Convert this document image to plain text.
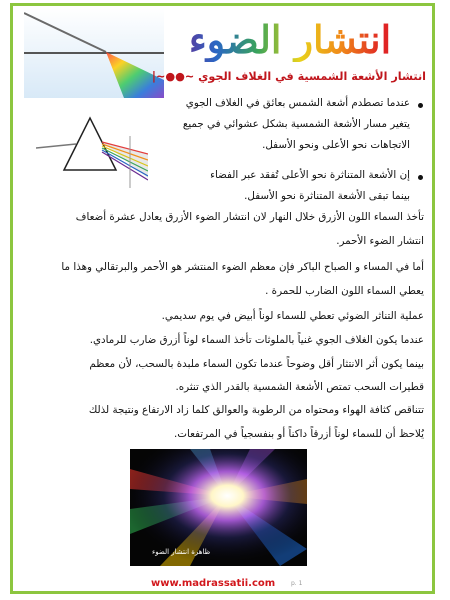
انتشار الضوء
انتشار الأشعة الشمسية في الغلاف الجوي ~●●~|
عندما تصطدم أشعة الشمس بعائق في الغلاف الجوي
يتغير مسار الأشعة الشمسية بشكل عشوائي في جميع
الاتجاهات نحو الأعلى ونحو الأسفل.
إن الأشعة المتناثرة نحو الأعلى تُفقد عبر الفضاء
بينما تبقى الأشعة المتناثرة نحو الأسفل.
تأخذ السماء اللون الأزرق خلال النهار لان انتشار الضوء الأزرق يعادل عشرة أضعاف
انتشار الضوء الأحمر.
أما في المساء و الصباح الباكر فإن معظم الضوء المنتشر هو الأحمر والبرتقالي وهذا ما
يعطي السماء اللون الضارب للحمرة .
عملية التناثر الضوئي تعطي للسماء لوناً أبيض في يوم سديمي.
عندما يكون الغلاف الجوي غنياً بالملوثات تأخذ السماء لوناً أزرق ضارب للرمادي.
بينما يكون أثر الانتثار أقل وضوحاً عندما تكون السماء ملبدة بالسحب، لأن معظم
قطيرات السحب تمتص الأشعة الشمسية بالقدر الذي تنثره.
تتناقص كثافة الهواء ومحتواه من الرطوبة والعوالق كلما زاد الارتفاع ونتيجة لذلك
يُلاحظ أن للسماء لوناً أزرقاً داكناً أو بنفسجياً في المرتفعات.
ظاهرة انتشار الضوء
www.madrassatii.com	p. 1
